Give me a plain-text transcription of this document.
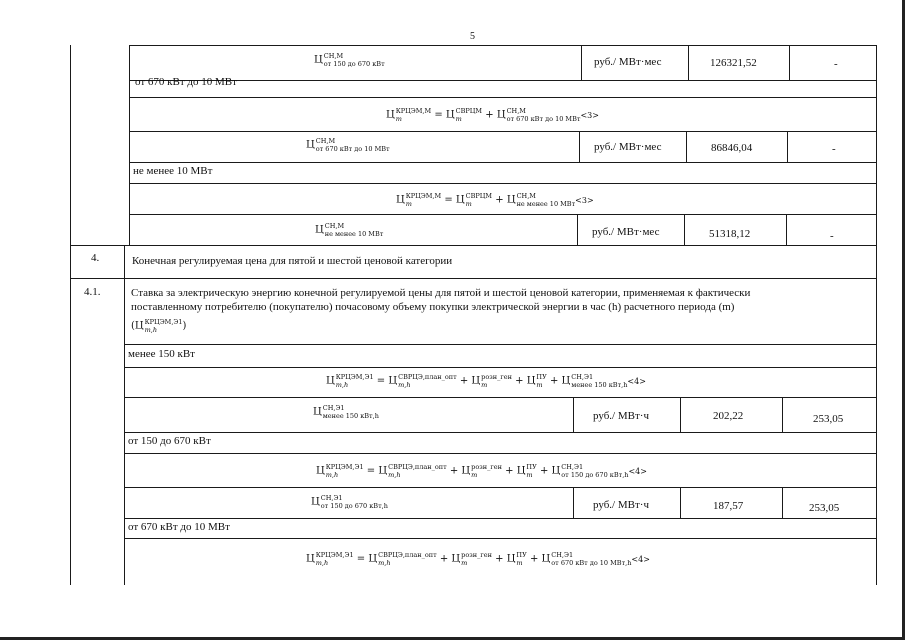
5
Ц СН,М
от 150 до 670 кВт	руб./ МВт·мес	126321,52	-
от 670 кВт до 10 МВт
Ц КРЦЭМ,М
m	= Ц СВРЦМ
m	+ Ц СН,М
от 670 кВт до 10 МВт <3>
Ц СН,М
от 670 кВт до 10 МВт	руб./ МВт·мес	86846,04	-
не менее 10 МВт
Ц КРЦЭМ,М
m	= Ц СВРЦМ
m	+ Ц СН,М
не менее 10 МВт <3>
Ц СН,М
не менее 10 МВт	руб./ МВт·мес	51318,12	-
4.	Конечная регулируемая цена для пятой и шестой ценовой категории
4.1.	Ставка за электрическую энергию конечной регулируемой цены для пятой и шестой ценовой категории, применяемая к фактически
поставленному потребителю (покупателю) почасовому объему покупки электрической энергии в час (h) расчетного периода (m)
(Ц КРЦЭМ,Э1
m,h	)
менее 150 кВт
Ц КРЦЭМ,Э1
m,h	= Ц СВРЦЭ,план_опт
m,h	+ Ц розн_ген
m	+ Ц ПУ
m + Ц СН,Э1
менее 150 кВт,h <4>
Ц СН,Э1
менее 150 кВт,h	руб./ МВт·ч	202,22	253,05
от 150 до 670 кВт
Ц КРЦЭМ,Э1
m,h	= Ц СВРЦЭ,план_опт
m,h	+ Ц розн_ген
m	+ Ц ПУ
m + Ц СН,Э1
от 150 до 670 кВт,h <4>
Ц СН,Э1
от 150 до 670 кВт,h	руб./ МВт·ч	187,57	253,05
от 670 кВт до 10 МВт
Ц КРЦЭМ,Э1
m,h	= Ц СВРЦЭ,план_опт
m,h	+ Ц розн_ген
m	+ Ц ПУ
m + Ц СН,Э1
от 670 кВт до 10 МВт,h <4>
